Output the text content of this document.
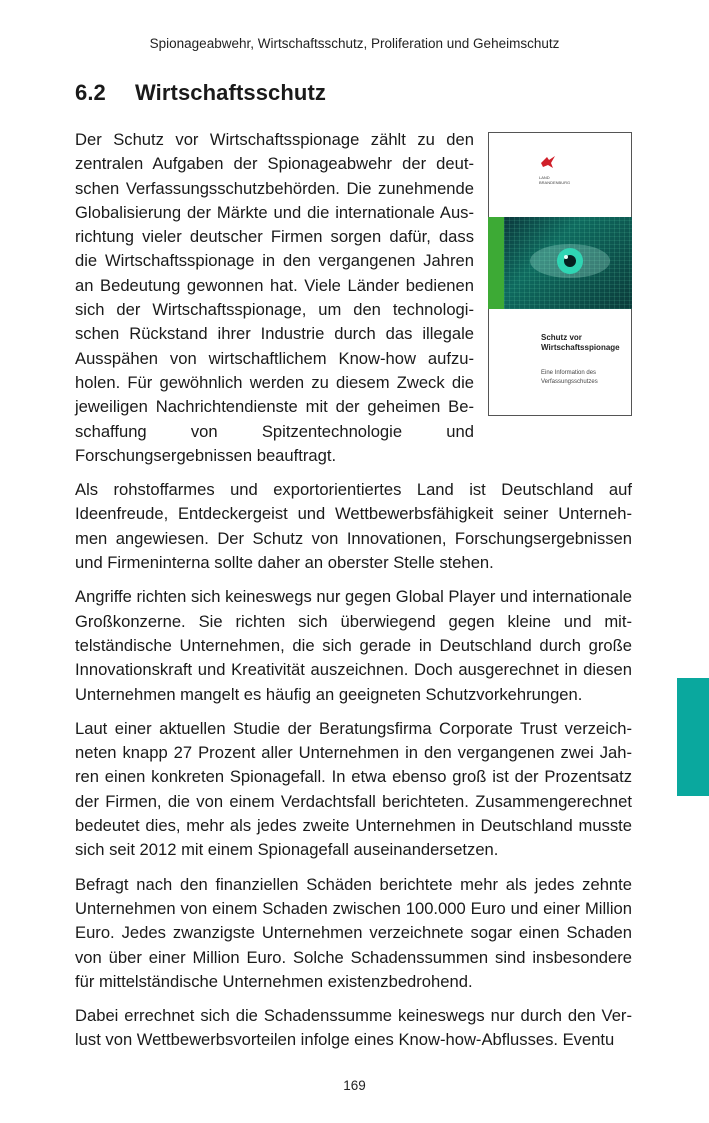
Spionageabwehr, Wirtschaftsschutz, Proliferation und Geheimschutz
6.2 Wirtschaftsschutz
LAND
BRANDENBURG
Schutz vor
Wirtschaftsspionage
Eine Information des
Verfassungsschutzes

Der Schutz vor Wirtschaftsspionage zählt zu den zentralen Aufgaben der Spionageabwehr der deutschen Verfassungsschutzbehörden. Die zunehmende Globalisierung der Märkte und die internationale Ausrichtung vieler deutscher Firmen sorgen dafür, dass die Wirtschaftsspionage in den vergangenen Jahren an Bedeutung gewonnen hat. Viele Länder bedienen sich der Wirtschaftsspionage, um den technologischen Rückstand ihrer Industrie durch das illegale Ausspähen von wirtschaftlichem Know-how aufzuholen. Für gewöhnlich werden zu diesem Zweck die jeweiligen Nachrichtendienste mit der geheimen Beschaffung von Spitzentechnologie und Forschungsergebnissen beauftragt.

Als rohstoffarmes und exportorientiertes Land ist Deutschland auf Ideenfreude, Entdeckergeist und Wettbewerbsfähigkeit seiner Unternehmen angewiesen. Der Schutz von Innovationen, Forschungsergebnissen und Firmeninterna sollte daher an oberster Stelle stehen.

Angriffe richten sich keineswegs nur gegen Global Player und internationale Großkonzerne. Sie richten sich überwiegend gegen kleine und mittelständische Unternehmen, die sich gerade in Deutschland durch große Innovationskraft und Kreativität auszeichnen. Doch ausgerechnet in diesen Unternehmen mangelt es häufig an geeigneten Schutzvorkehrungen.

Laut einer aktuellen Studie der Beratungsfirma Corporate Trust verzeichneten knapp 27 Prozent aller Unternehmen in den vergangenen zwei Jahren einen konkreten Spionagefall. In etwa ebenso groß ist der Prozentsatz der Firmen, die von einem Verdachtsfall berichteten. Zusammengerechnet bedeutet dies, mehr als jedes zweite Unternehmen in Deutschland musste sich seit 2012 mit einem Spionagefall auseinandersetzen.

Befragt nach den finanziellen Schäden berichtete mehr als jedes zehnte Unternehmen von einem Schaden zwischen 100.000 Euro und einer Million Euro. Jedes zwanzigste Unternehmen verzeichnete sogar einen Schaden von über einer Million Euro. Solche Schadenssummen sind insbesondere für mittelständische Unternehmen existenzbedrohend.

Dabei errechnet sich die Schadenssumme keineswegs nur durch den Verlust von Wettbewerbsvorteilen infolge eines Know-how-Abflusses. Eventu

169
